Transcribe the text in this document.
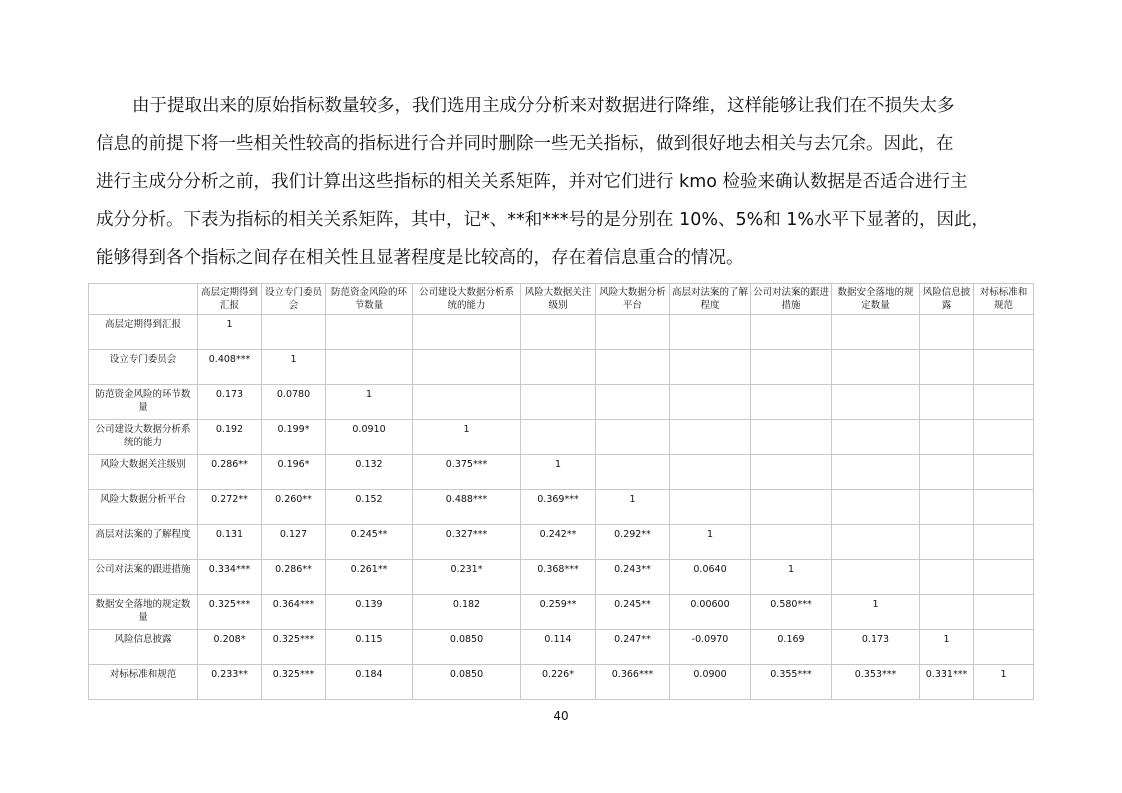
由于提取出来的原始指标数量较多，我们选用主成分分析来对数据进行降维，这样能够让我们在不损失太多
信息的前提下将一些相关性较高的指标进行合并同时删除一些无关指标，做到很好地去相关与去冗余。因此，在
进行主成分分析之前，我们计算出这些指标的相关关系矩阵，并对它们进行 kmo 检验来确认数据是否适合进行主
成分分析。下表为指标的相关关系矩阵，其中，记*、**和***号的是分别在 10%、5%和 1%水平下显著的，因此，
能够得到各个指标之间存在相关性且显著程度是比较高的，存在着信息重合的情况。
	高层定期得到汇报	设立专门委员会	防范资金风险的环节数量	公司建设大数据分析系统的能力	风险大数据关注级别	风险大数据分析平台	高层对法案的了解程度	公司对法案的跟进措施	数据安全落地的规定数量	风险信息披露	对标标准和规范
高层定期得到汇报	1										
设立专门委员会	0.408***	1									
防范资金风险的环节数量	0.173	0.0780	1								
公司建设大数据分析系统的能力	0.192	0.199*	0.0910	1							
风险大数据关注级别	0.286**	0.196*	0.132	0.375***	1						
风险大数据分析平台	0.272**	0.260**	0.152	0.488***	0.369***	1					
高层对法案的了解程度	0.131	0.127	0.245**	0.327***	0.242**	0.292**	1				
公司对法案的跟进措施	0.334***	0.286**	0.261**	0.231*	0.368***	0.243**	0.0640	1			
数据安全落地的规定数量	0.325***	0.364***	0.139	0.182	0.259**	0.245**	0.00600	0.580***	1		
风险信息披露	0.208*	0.325***	0.115	0.0850	0.114	0.247**	-0.0970	0.169	0.173	1	
对标标准和规范	0.233**	0.325***	0.184	0.0850	0.226*	0.366***	0.0900	0.355***	0.353***	0.331***	1
40
